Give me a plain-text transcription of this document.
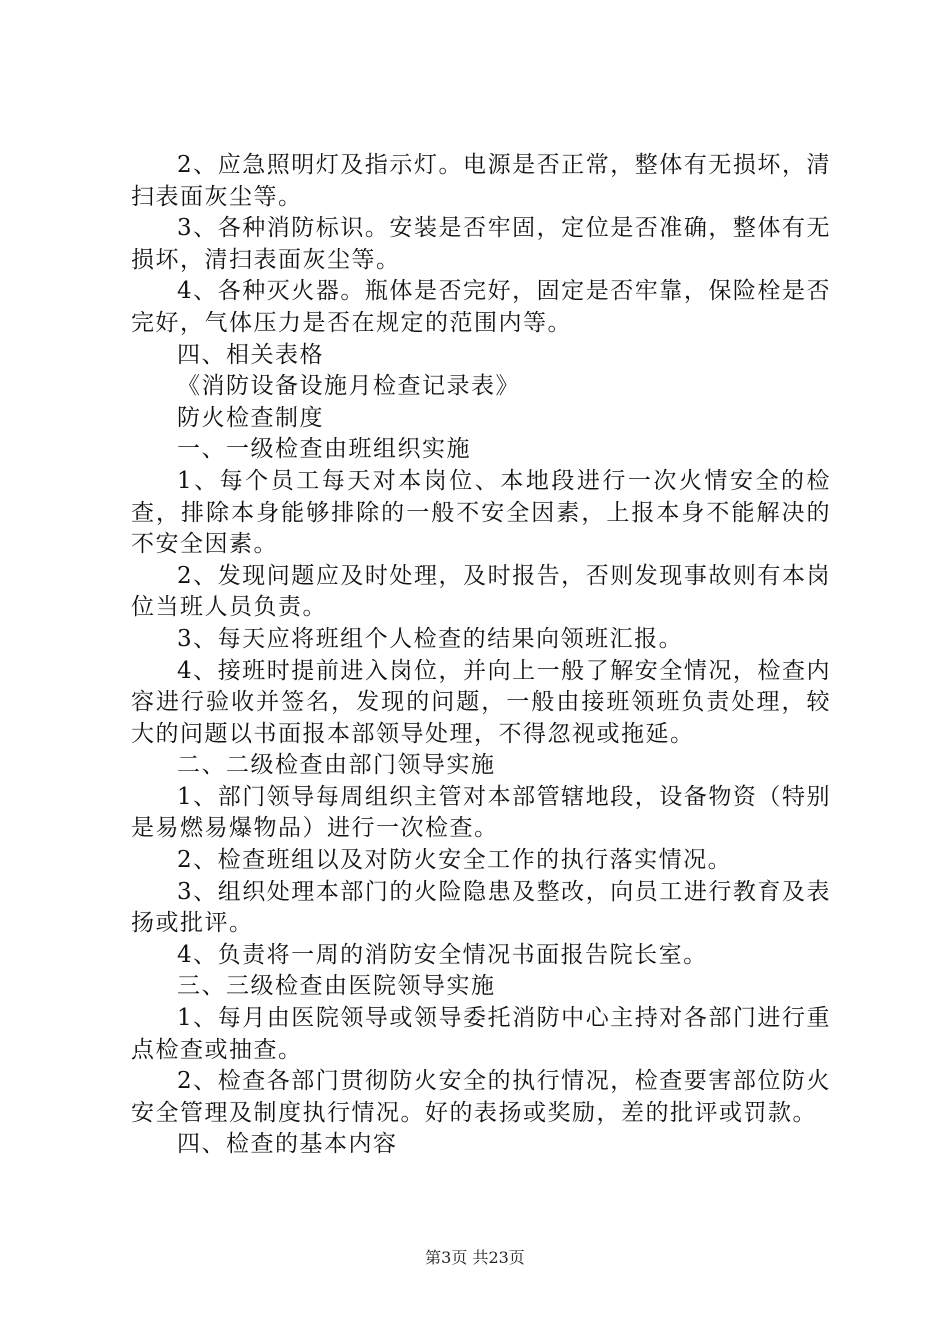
2、应急照明灯及指示灯。电源是否正常，整体有无损坏，清扫表面灰尘等。

3、各种消防标识。安装是否牢固，定位是否准确，整体有无损坏，清扫表面灰尘等。

4、各种灭火器。瓶体是否完好，固定是否牢靠，保险栓是否完好，气体压力是否在规定的范围内等。

四、相关表格

《消防设备设施月检查记录表》

防火检查制度

一、一级检查由班组织实施

1、每个员工每天对本岗位、本地段进行一次火情安全的检查，排除本身能够排除的一般不安全因素，上报本身不能解决的不安全因素。

2、发现问题应及时处理，及时报告，否则发现事故则有本岗位当班人员负责。

3、每天应将班组个人检查的结果向领班汇报。

4、接班时提前进入岗位，并向上一般了解安全情况，检查内容进行验收并签名，发现的问题，一般由接班领班负责处理，较大的问题以书面报本部领导处理，不得忽视或拖延。

二、二级检查由部门领导实施

1、部门领导每周组织主管对本部管辖地段，设备物资（特别是易燃易爆物品）进行一次检查。

2、检查班组以及对防火安全工作的执行落实情况。

3、组织处理本部门的火险隐患及整改，向员工进行教育及表扬或批评。

4、负责将一周的消防安全情况书面报告院长室。

三、三级检查由医院领导实施

1、每月由医院领导或领导委托消防中心主持对各部门进行重点检查或抽查。

2、检查各部门贯彻防火安全的执行情况，检查要害部位防火安全管理及制度执行情况。好的表扬或奖励，差的批评或罚款。

四、检查的基本内容

第3页 共23页
